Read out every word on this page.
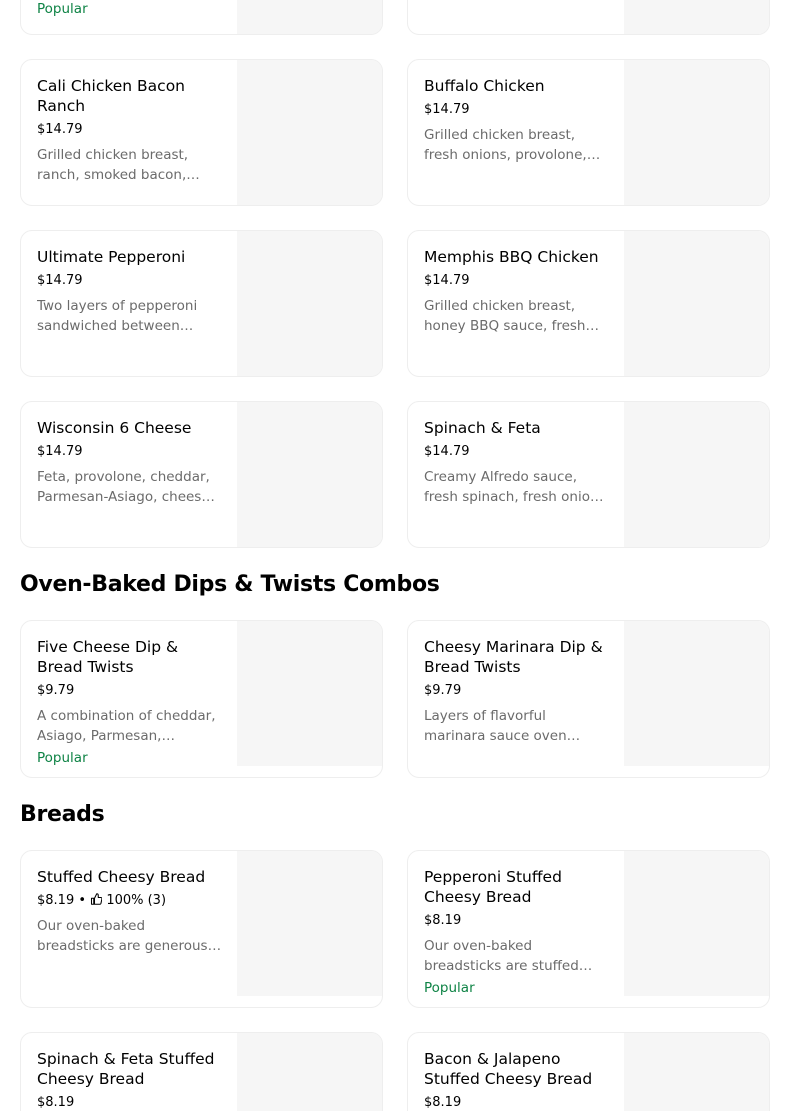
Popular
Cali Chicken Bacon Ranch
$14.79
Grilled chicken breast, ranch, smoked bacon,
Buffalo Chicken
$14.79
Grilled chicken breast, fresh onions, provolone,
Ultimate Pepperoni
$14.79
Two layers of pepperoni sandwiched between
Memphis BBQ Chicken
$14.79
Grilled chicken breast, honey BBQ sauce, fresh
Wisconsin 6 Cheese
$14.79
Feta, provolone, cheddar, Parmesan-Asiago, cheese
Spinach & Feta
$14.79
Creamy Alfredo sauce, fresh spinach, fresh onions,
Oven-Baked Dips & Twists Combos
Five Cheese Dip & Bread Twists
$9.79
A combination of cheddar, Asiago, Parmesan,
Popular
Cheesy Marinara Dip & Bread Twists
$9.79
Layers of flavorful marinara sauce oven
Breads
Stuffed Cheesy Bread
$8.19 •  100% (3)
Our oven-baked breadsticks are generously
Pepperoni Stuffed Cheesy Bread
$8.19
Our oven-baked breadsticks are stuffed
Popular
Spinach & Feta Stuffed Cheesy Bread
$8.19
Bacon & Jalapeno Stuffed Cheesy Bread
$8.19
